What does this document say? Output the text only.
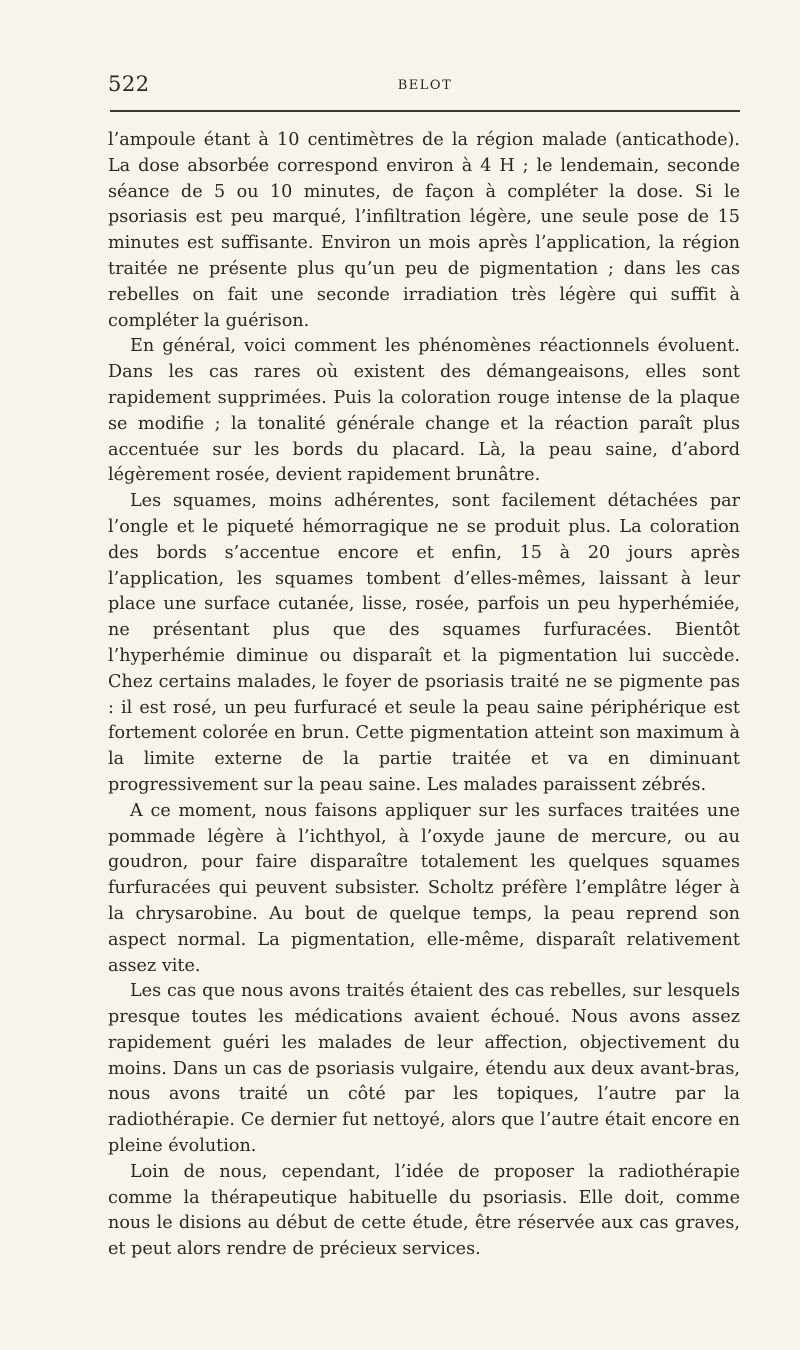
522	BELOT

l’ampoule étant à 10 centimètres de la région malade (anticathode). La dose absorbée correspond environ à 4 H ; le lendemain, seconde séance de 5 ou 10 minutes, de façon à compléter la dose. Si le psoriasis est peu marqué, l’infiltration légère, une seule pose de 15 minutes est suffisante. Environ un mois après l’application, la région traitée ne présente plus qu’un peu de pigmentation ; dans les cas rebelles on fait une seconde irradiation très légère qui suffit à compléter la guérison.

En général, voici comment les phénomènes réactionnels évoluent. Dans les cas rares où existent des démangeaisons, elles sont rapidement supprimées. Puis la coloration rouge intense de la plaque se modifie ; la tonalité générale change et la réaction paraît plus accentuée sur les bords du placard. Là, la peau saine, d’abord légèrement rosée, devient rapidement brunâtre.

Les squames, moins adhérentes, sont facilement détachées par l’ongle et le piqueté hémorragique ne se produit plus. La coloration des bords s’accentue encore et enfin, 15 à 20 jours après l’application, les squames tombent d’elles-mêmes, laissant à leur place une surface cutanée, lisse, rosée, parfois un peu hyperhémiée, ne présentant plus que des squames furfuracées. Bientôt l’hyperhémie diminue ou disparaît et la pigmentation lui succède. Chez certains malades, le foyer de psoriasis traité ne se pigmente pas : il est rosé, un peu furfuracé et seule la peau saine périphérique est fortement colorée en brun. Cette pigmentation atteint son maximum à la limite externe de la partie traitée et va en diminuant progressivement sur la peau saine. Les malades paraissent zébrés.

A ce moment, nous faisons appliquer sur les surfaces traitées une pommade légère à l’ichthyol, à l’oxyde jaune de mercure, ou au goudron, pour faire disparaître totalement les quelques squames furfuracées qui peuvent subsister. Scholtz préfère l’emplâtre léger à la chrysarobine. Au bout de quelque temps, la peau reprend son aspect normal. La pigmentation, elle-même, disparaît relativement assez vite.

Les cas que nous avons traités étaient des cas rebelles, sur lesquels presque toutes les médications avaient échoué. Nous avons assez rapidement guéri les malades de leur affection, objectivement du moins. Dans un cas de psoriasis vulgaire, étendu aux deux avant-bras, nous avons traité un côté par les topiques, l’autre par la radiothérapie. Ce dernier fut nettoyé, alors que l’autre était encore en pleine évolution.

Loin de nous, cependant, l’idée de proposer la radiothérapie comme la thérapeutique habituelle du psoriasis. Elle doit, comme nous le disions au début de cette étude, être réservée aux cas graves, et peut alors rendre de précieux services.
